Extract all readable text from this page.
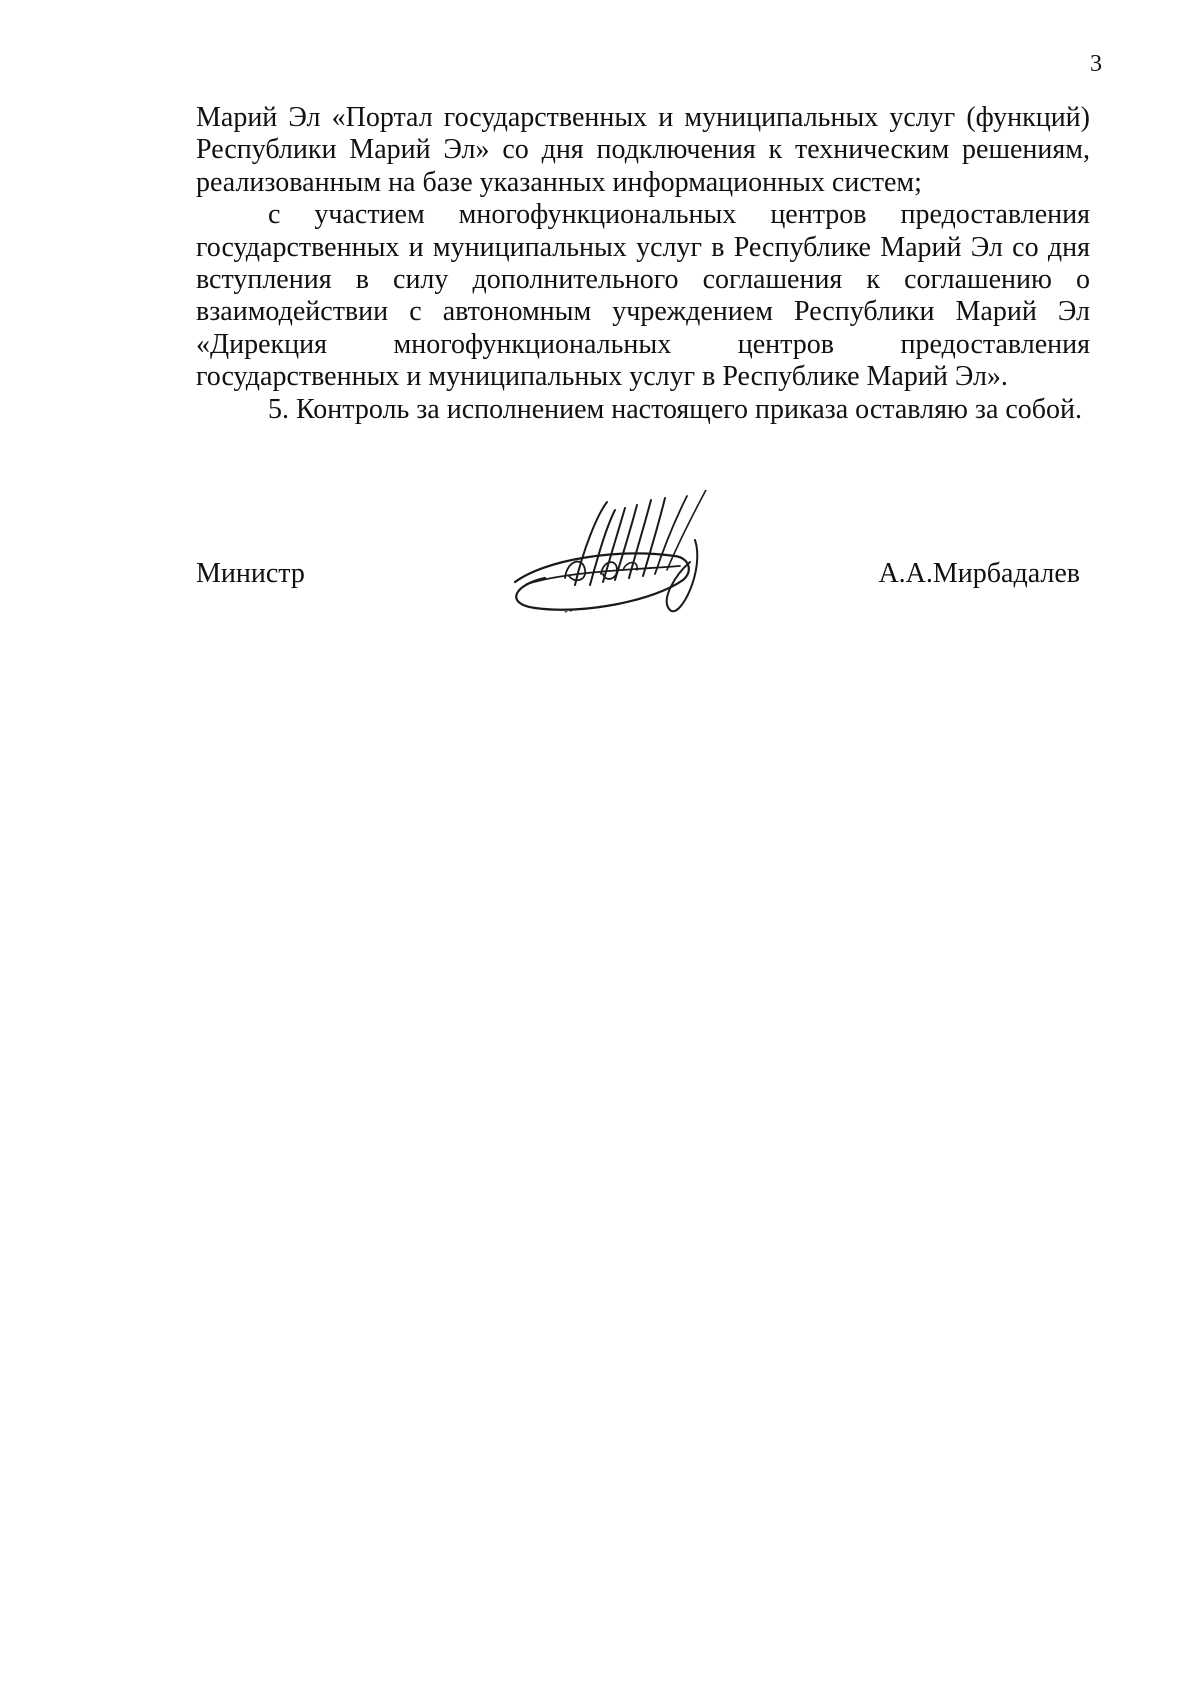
3

Марий Эл «Портал государственных и муниципальных услуг (функций) Республики Марий Эл» со дня подключения к техническим решениям, реализованным на базе указанных информационных систем;

с участием многофункциональных центров предоставления государственных и муниципальных услуг в Республике Марий Эл со дня вступления в силу дополнительного соглашения к соглашению о взаимодействии с автономным учреждением Республики Марий Эл «Дирекция многофункциональных центров предоставления государственных и муниципальных услуг в Республике Марий Эл».

5. Контроль за исполнением настоящего приказа оставляю за собой.

Министр	А.А.Мирбадалев
